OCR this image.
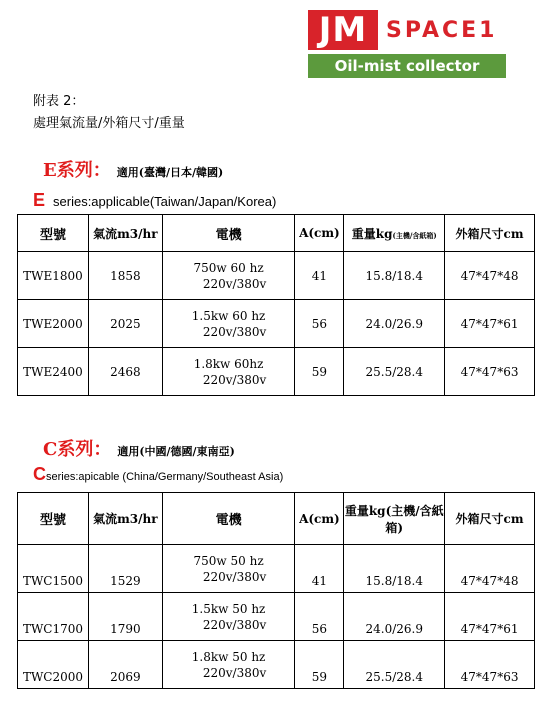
JM SPACE1
Oil-mist collector
附表 2：
處理氣流量/外箱尺寸/重量
E系列： 適用(臺灣/日本/韓國)
E series:applicable(Taiwan/Japan/Korea)
型號	氣流m3/hr	電機	A(cm)	重量kg(主機/含紙箱)	外箱尺寸cm
TWE1800	1858	750w 60 hz
220v/380v	41	15.8/18.4	47*47*48
TWE2000	2025	1.5kw 60 hz
220v/380v	56	24.0/26.9	47*47*61
TWE2400	2468	1.8kw 60hz
220v/380v	59	25.5/28.4	47*47*63
C系列： 適用(中國/德國/東南亞)
Cseries:apicable (China/Germany/Southeast Asia)
型號	氣流m3/hr	電機	A(cm)	重量kg(主機/含紙箱)	外箱尺寸cm
TWC1500	1529	750w 50 hz
220v/380v	41	15.8/18.4	47*47*48
TWC1700	1790	1.5kw 50 hz
220v/380v	56	24.0/26.9	47*47*61
TWC2000	2069	1.8kw 50 hz
220v/380v	59	25.5/28.4	47*47*63
